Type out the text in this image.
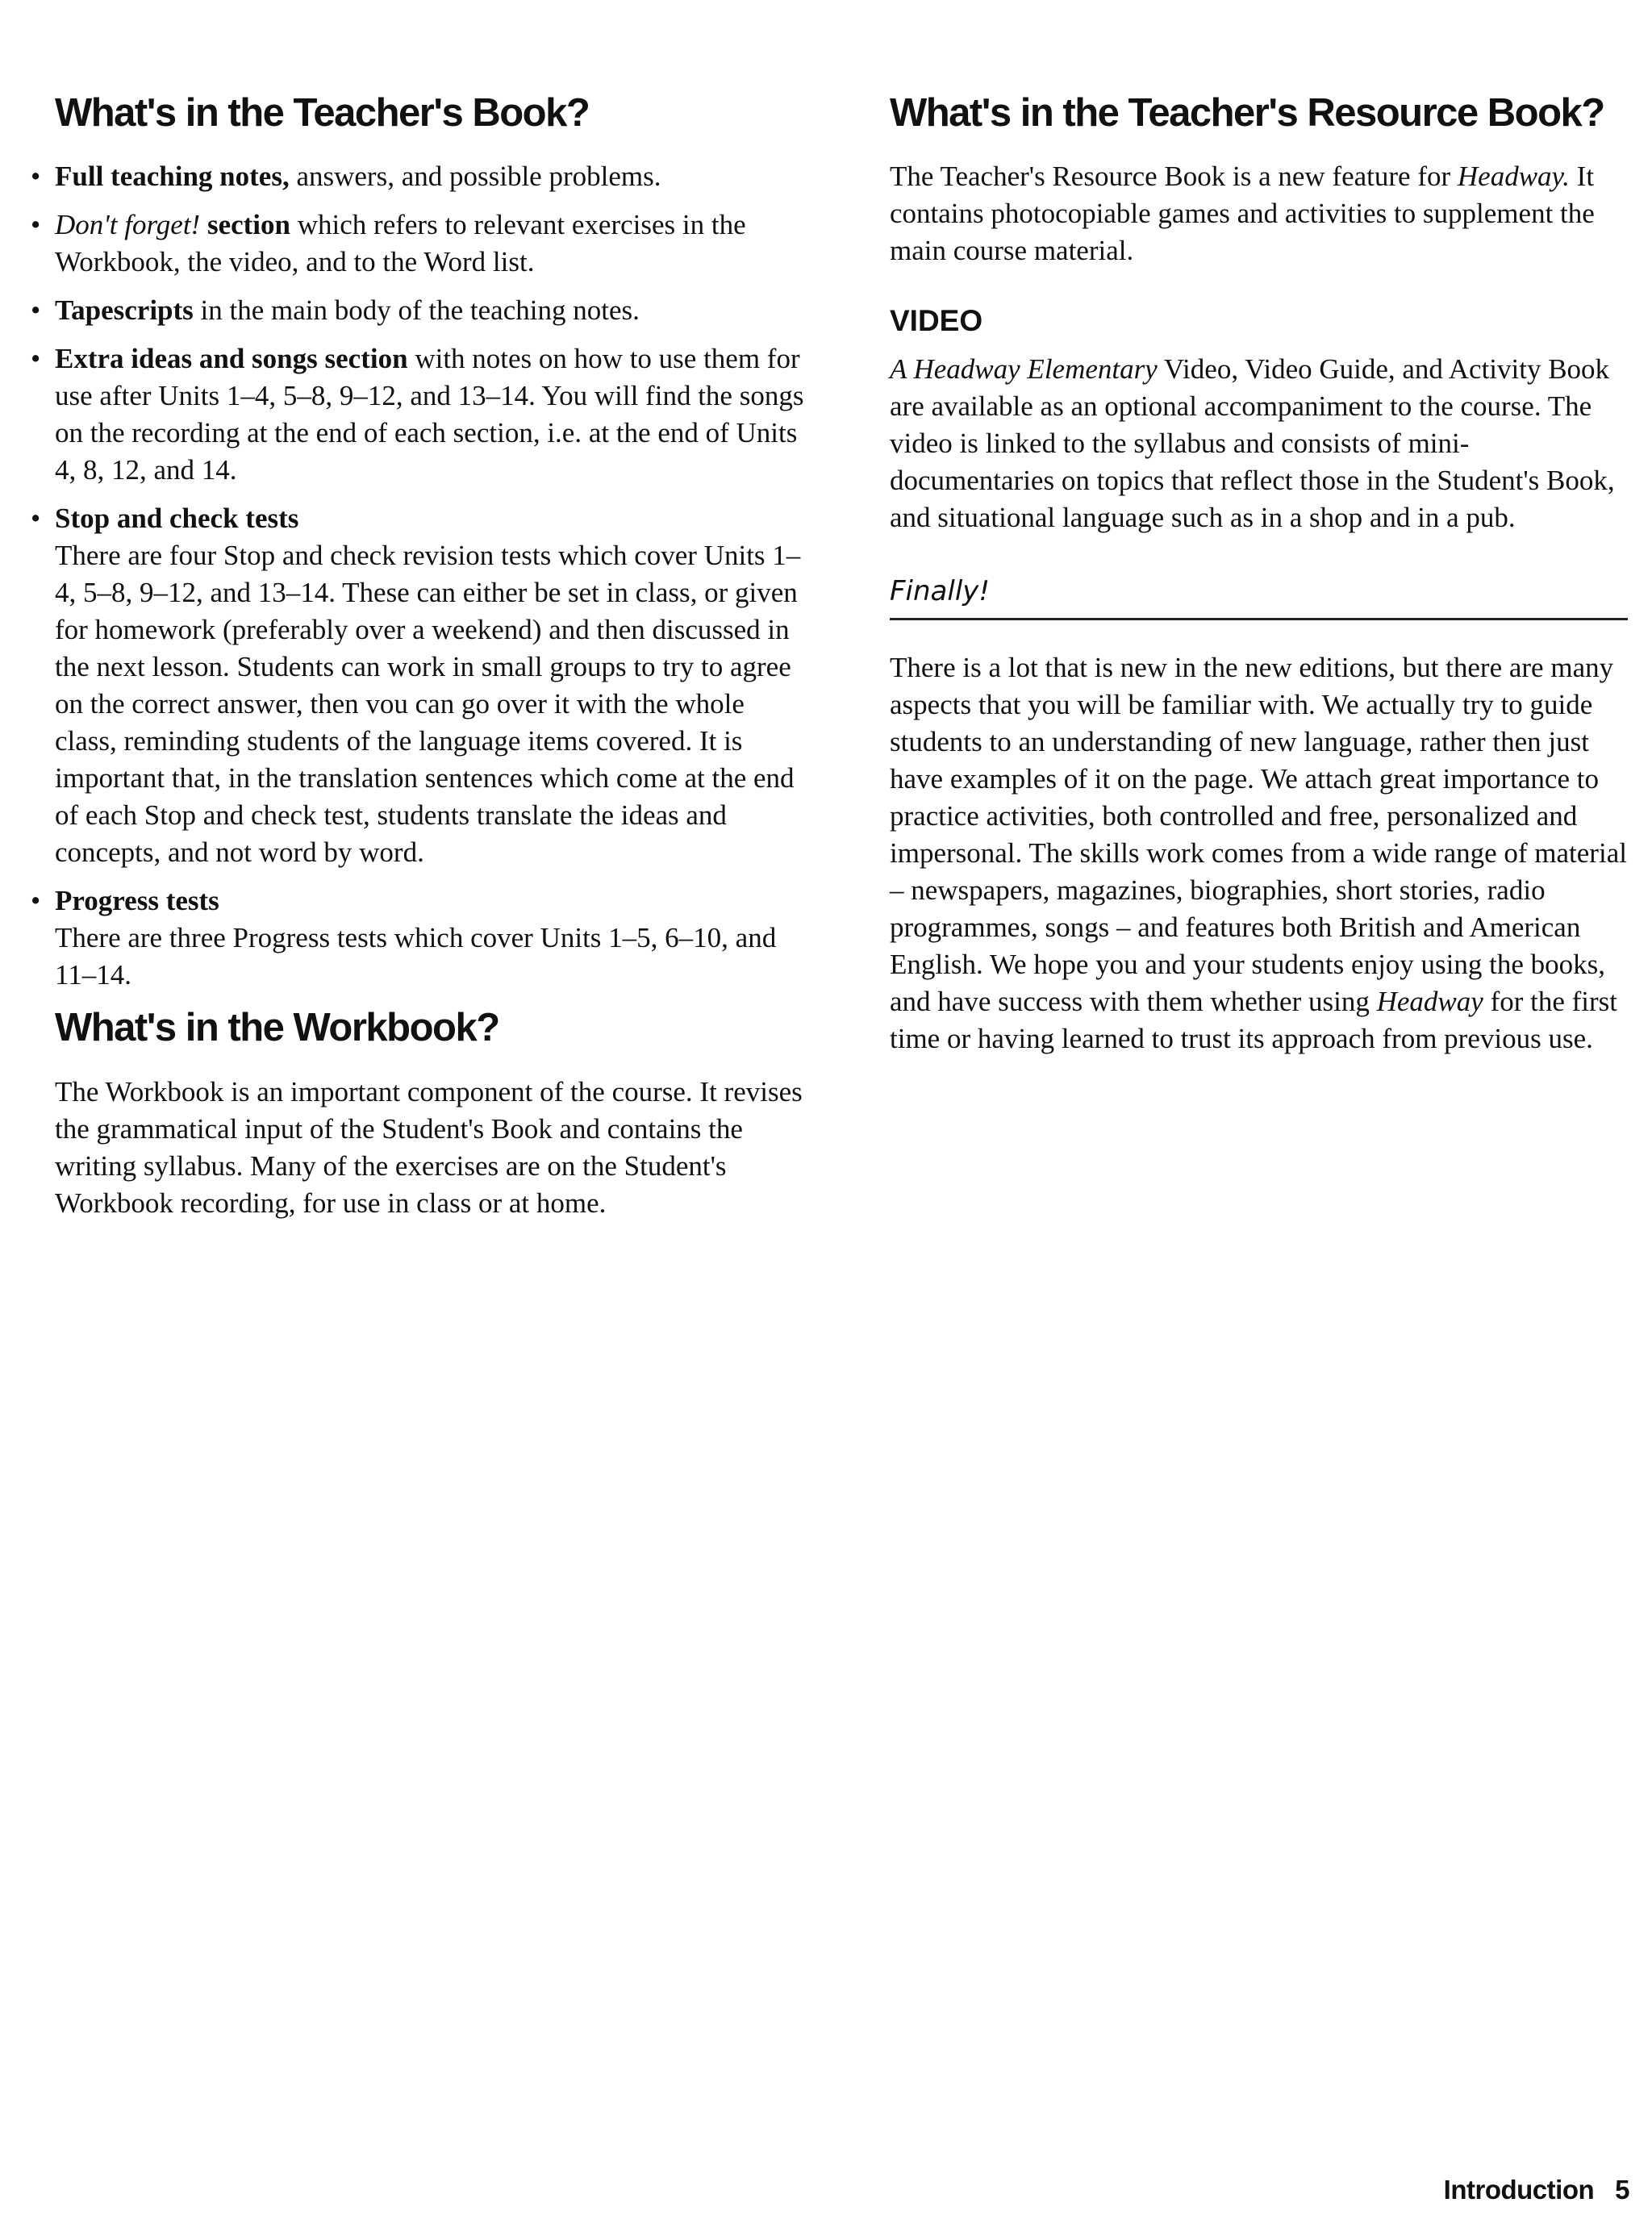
What's in the Teacher's Book?
• Full teaching notes, answers, and possible problems.
• Don't forget! section which refers to relevant exercises in the Workbook, the video, and to the Word list.
• Tapescripts in the main body of the teaching notes.
• Extra ideas and songs section with notes on how to use them for use after Units 1–4, 5–8, 9–12, and 13–14. You will find the songs on the recording at the end of each section, i.e. at the end of Units 4, 8, 12, and 14.
• Stop and check tests
There are four Stop and check revision tests which cover Units 1–4, 5–8, 9–12, and 13–14. These can either be set in class, or given for homework (preferably over a weekend) and then discussed in the next lesson. Students can work in small groups to try to agree on the correct answer, then vou can go over it with the whole class, reminding students of the language items covered. It is important that, in the translation sentences which come at the end of each Stop and check test, students translate the ideas and concepts, and not word by word.
• Progress tests
There are three Progress tests which cover Units 1–5, 6–10, and 11–14.
What's in the Workbook?

The Workbook is an important component of the course. It revises the grammatical input of the Student's Book and contains the writing syllabus. Many of the exercises are on the Student's Workbook recording, for use in class or at home.

What's in the Teacher's Resource Book?

The Teacher's Resource Book is a new feature for Headway. It contains photocopiable games and activities to supplement the main course material.

VIDEO

A Headway Elementary Video, Video Guide, and Activity Book are available as an optional accompaniment to the course. The video is linked to the syllabus and consists of mini-documentaries on topics that reflect those in the Student's Book, and situational language such as in a shop and in a pub.

Finally!

There is a lot that is new in the new editions, but there are many aspects that you will be familiar with. We actually try to guide students to an understanding of new language, rather then just have examples of it on the page. We attach great importance to practice activities, both controlled and free, personalized and impersonal. The skills work comes from a wide range of material – newspapers, magazines, biographies, short stories, radio programmes, songs – and features both British and American English. We hope you and your students enjoy using the books, and have success with them whether using Headway for the first time or having learned to trust its approach from previous use.

Introduction 5
